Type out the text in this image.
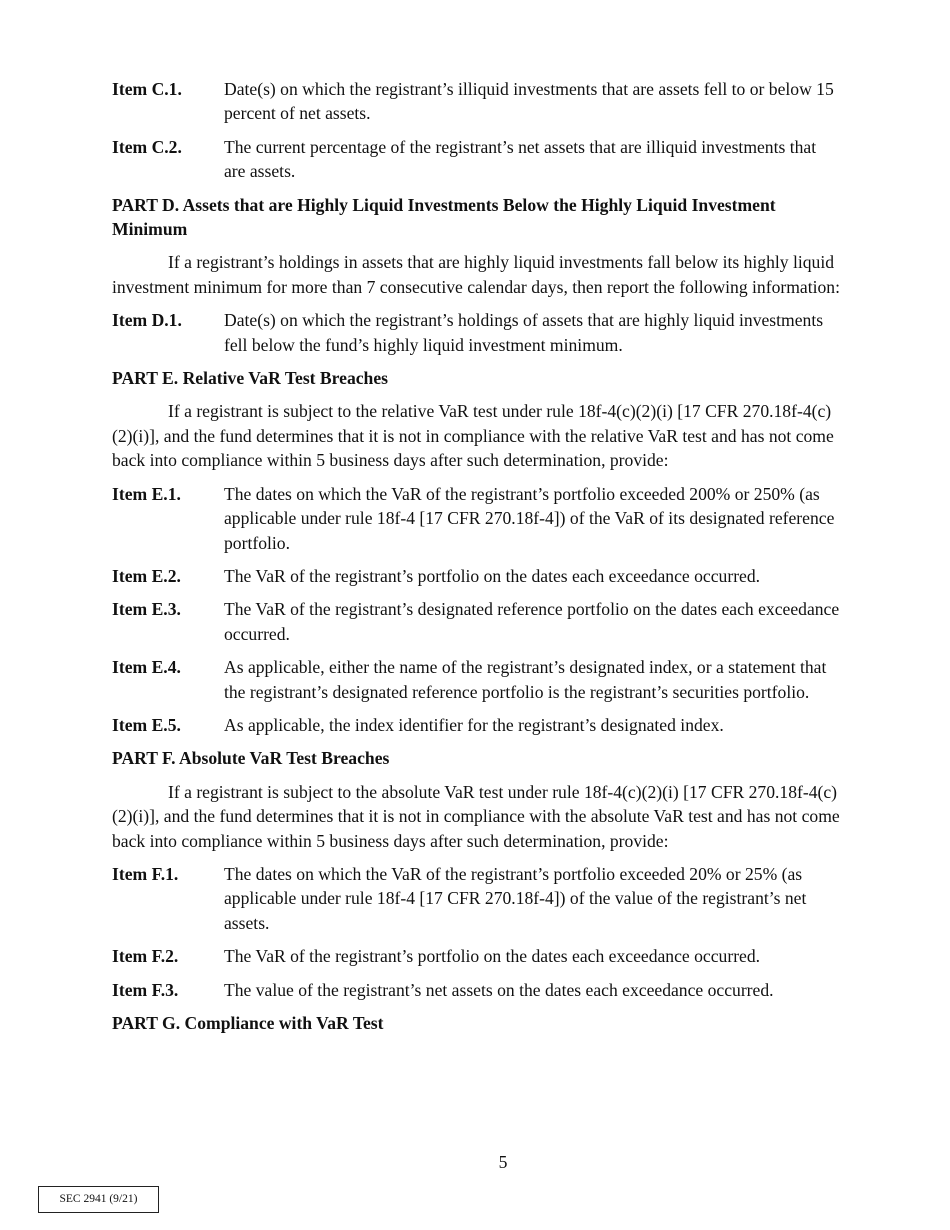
Item C.1.	Date(s) on which the registrant’s illiquid investments that are assets fell to or below 15 percent of net assets.
Item C.2.	The current percentage of the registrant’s net assets that are illiquid investments that are assets.
PART D. Assets that are Highly Liquid Investments Below the Highly Liquid Investment Minimum
If a registrant’s holdings in assets that are highly liquid investments fall below its highly liquid investment minimum for more than 7 consecutive calendar days, then report the following information:
Item D.1.	Date(s) on which the registrant’s holdings of assets that are highly liquid investments fell below the fund’s highly liquid investment minimum.
PART E. Relative VaR Test Breaches
If a registrant is subject to the relative VaR test under rule 18f-4(c)(2)(i) [17 CFR 270.18f-4(c)(2)(i)], and the fund determines that it is not in compliance with the relative VaR test and has not come back into compliance within 5 business days after such determination, provide:
Item E.1.	The dates on which the VaR of the registrant’s portfolio exceeded 200% or 250% (as applicable under rule 18f-4 [17 CFR 270.18f-4]) of the VaR of its designated reference portfolio.
Item E.2.	The VaR of the registrant’s portfolio on the dates each exceedance occurred.
Item E.3.	The VaR of the registrant’s designated reference portfolio on the dates each exceedance occurred.
Item E.4.	As applicable, either the name of the registrant’s designated index, or a statement that the registrant’s designated reference portfolio is the registrant’s securities portfolio.
Item E.5.	As applicable, the index identifier for the registrant’s designated index.
PART F. Absolute VaR Test Breaches
If a registrant is subject to the absolute VaR test under rule 18f-4(c)(2)(i) [17 CFR 270.18f-4(c)(2)(i)], and the fund determines that it is not in compliance with the absolute VaR test and has not come back into compliance within 5 business days after such determination, provide:
Item F.1.	The dates on which the VaR of the registrant’s portfolio exceeded 20% or 25% (as applicable under rule 18f-4 [17 CFR 270.18f-4]) of the value of the registrant’s net assets.
Item F.2.	The VaR of the registrant’s portfolio on the dates each exceedance occurred.
Item F.3.	The value of the registrant’s net assets on the dates each exceedance occurred.
PART G. Compliance with VaR Test
5
SEC 2941 (9/21)
